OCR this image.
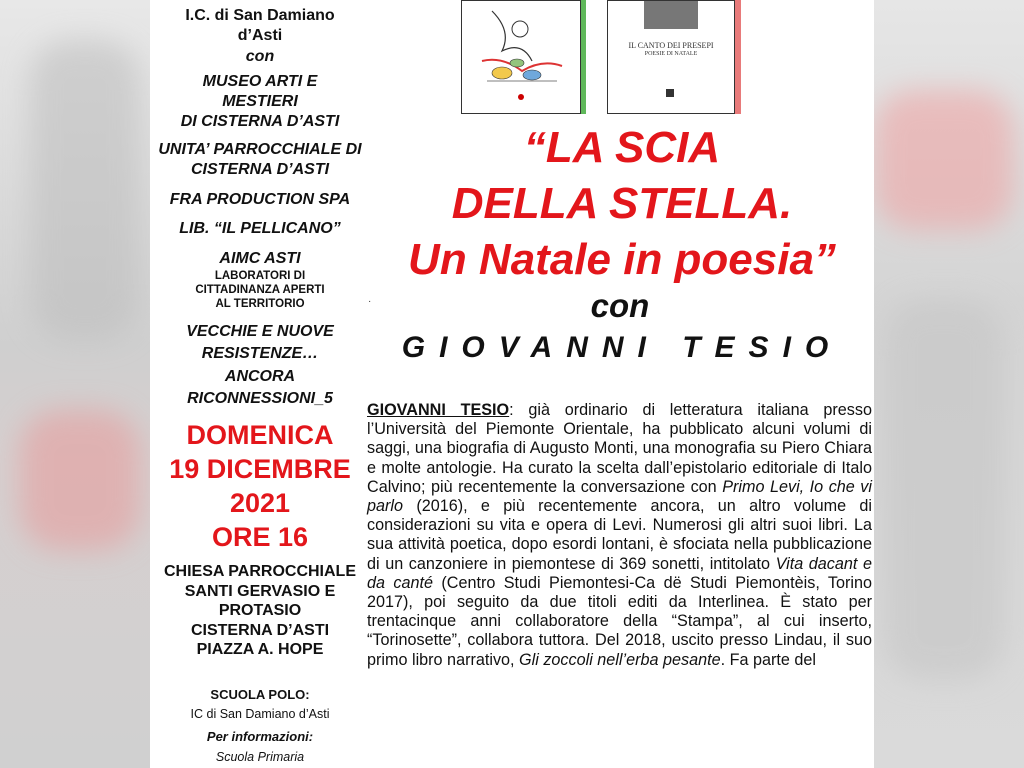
I.C. di San Damiano
d’Asti
con
MUSEO ARTI E
MESTIERI
DI CISTERNA D’ASTI
UNITA’ PARROCCHIALE DI
CISTERNA D’ASTI
FRA PRODUCTION SPA
LIB. “IL PELLICANO”
AIMC ASTI
LABORATORI DI
CITTADINANZA APERTI
AL TERRITORIO
VECCHIE E NUOVE
RESISTENZE…
ANCORA
RICONNESSIONI_5
DOMENICA
19 DICEMBRE
2021
ORE 16
CHIESA PARROCCHIALE
SANTI GERVASIO E
PROTASIO
CISTERNA D’ASTI
PIAZZA A. HOPE
SCUOLA POLO:
IC di San Damiano d’Asti
Per informazioni:
Scuola Primaria
IL CANTO DEI PRESEPI
POESIE DI NATALE
“LA SCIA
DELLA STELLA.
Un Natale in poesia”
·	con
GIOVANNI TESIO
GIOVANNI TESIO: già ordinario di letteratura italiana presso l’Università del Piemonte Orientale, ha pubblicato alcuni volumi di saggi, una biografia di Augusto Monti, una monografia su Piero Chiara e molte antologie. Ha curato la scelta dall’epistolario editoriale di Italo Calvino; più recentemente la conversazione con Primo Levi, Io che vi parlo (2016), e più recentemente ancora, un altro volume di considerazioni su vita e opera di Levi. Numerosi gli altri suoi libri. La sua attività poetica, dopo esordi lontani, è sfociata nella pubblicazione di un canzoniere in piemontese di 369 sonetti, intitolato Vita dacant e da canté (Centro Studi Piemontesi-Ca dë Studi Piemontèis, Torino 2017), poi seguito da due titoli editi da Interlinea. È stato per trentacinque anni collaboratore della “Stampa”, al cui inserto, “Torinosette”, collabora tuttora. Del 2018, uscito presso Lindau, il suo primo libro narrativo, Gli zoccoli nell’erba pesante. Fa parte del
